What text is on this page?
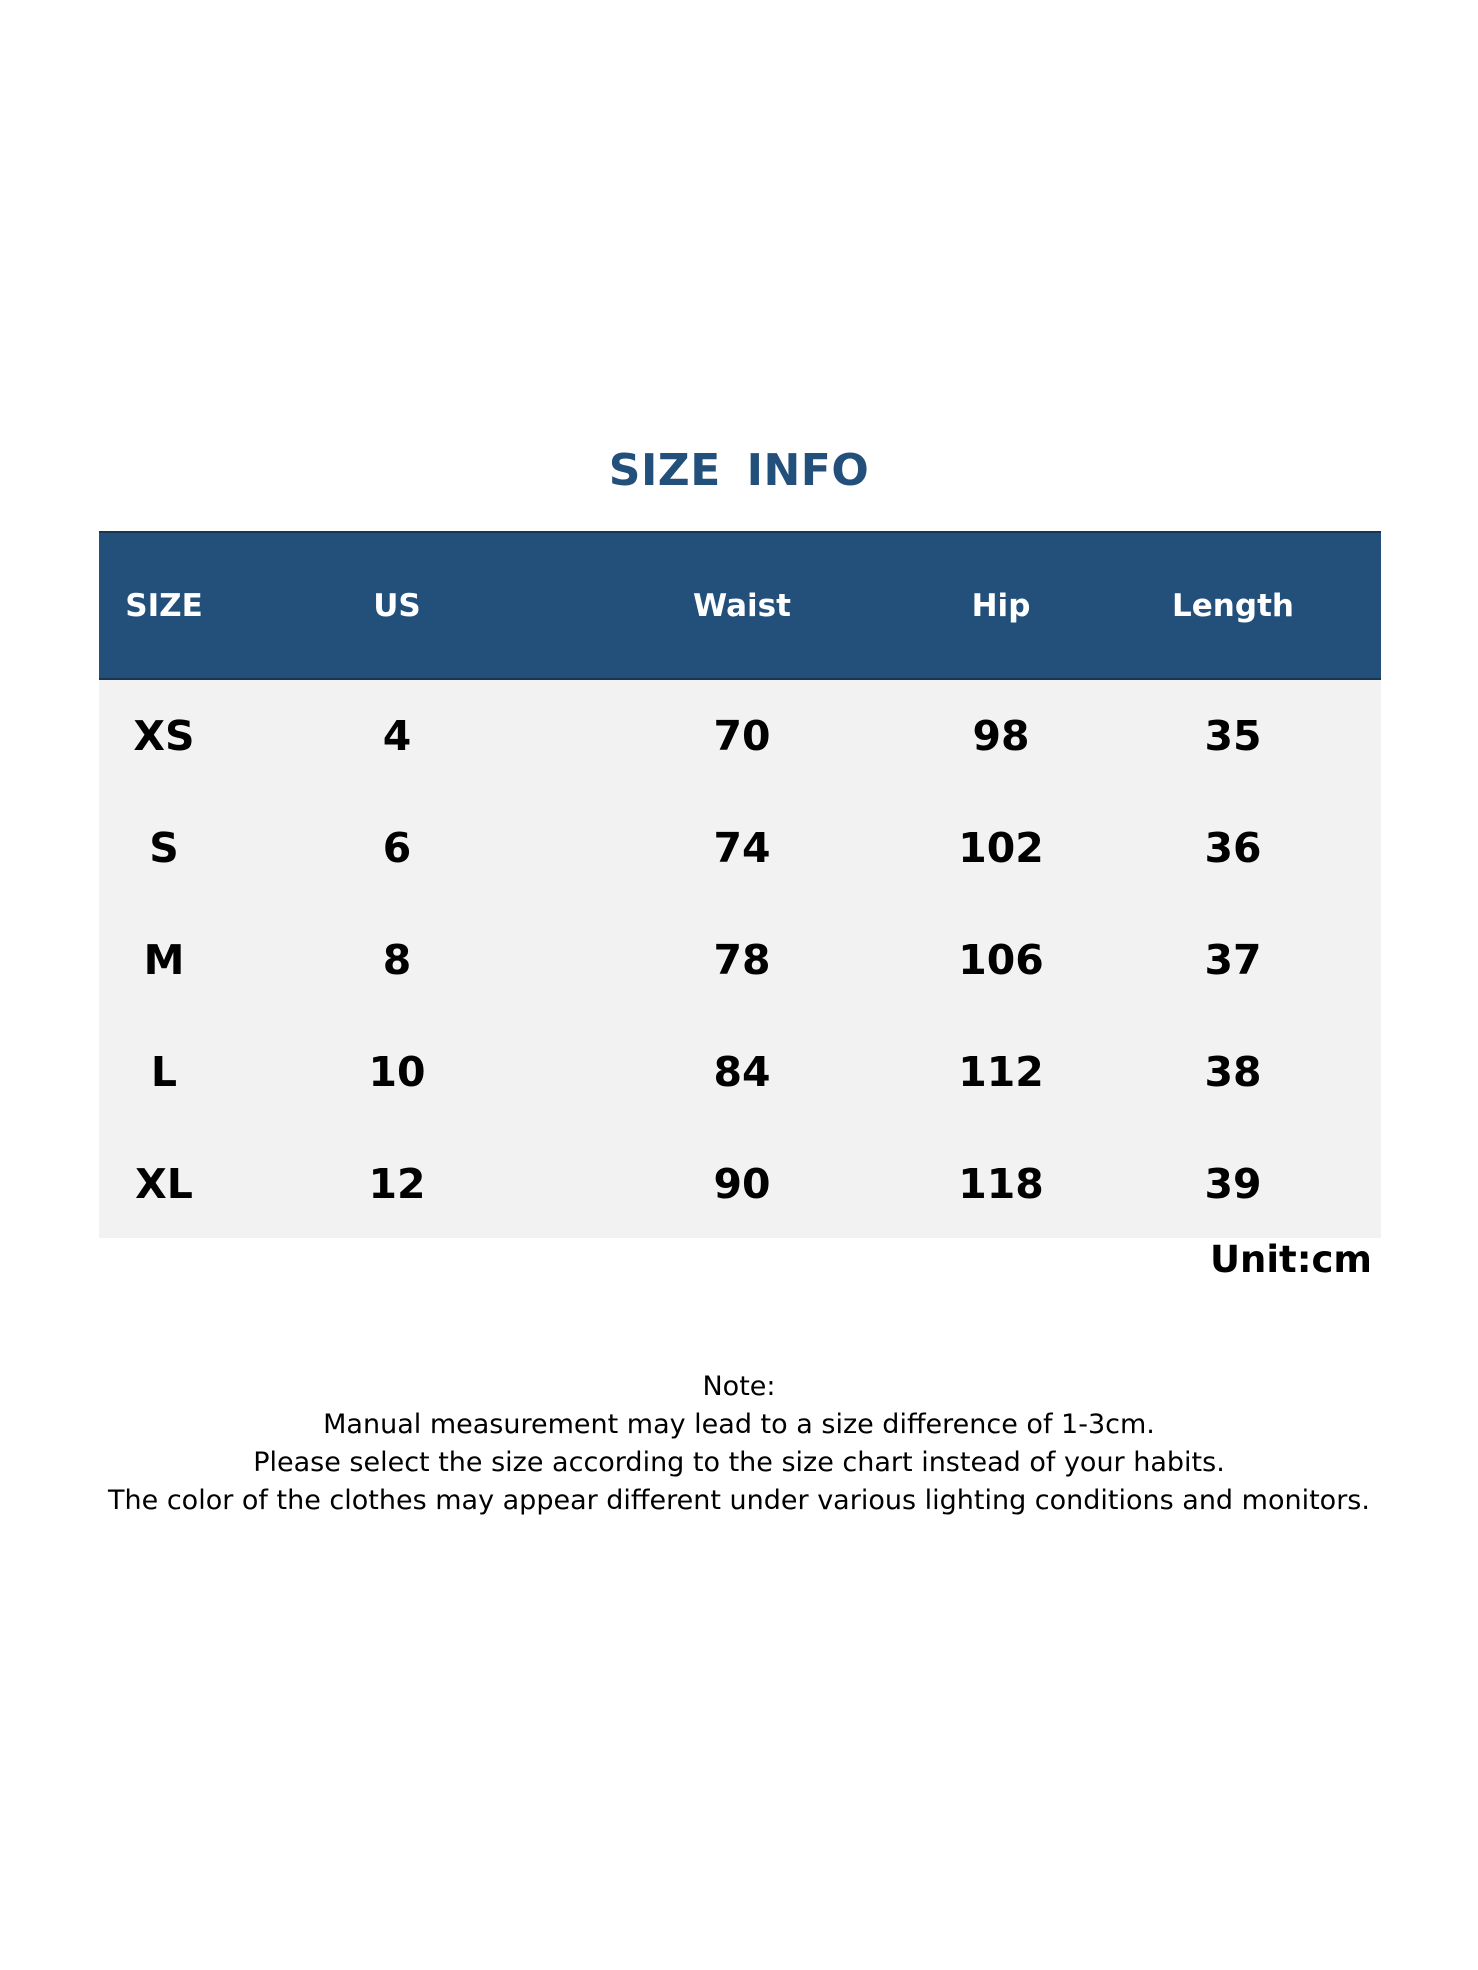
SIZE INFO
SIZE	US	Waist	Hip	Length
XS	4	70	98	35
S	6	74	102	36
M	8	78	106	37
L	10	84	112	38
XL	12	90	118	39
Unit:cm
Note:
Manual measurement may lead to a size difference of 1-3cm.
Please select the size according to the size chart instead of your habits.
The color of the clothes may appear different under various lighting conditions and monitors.
